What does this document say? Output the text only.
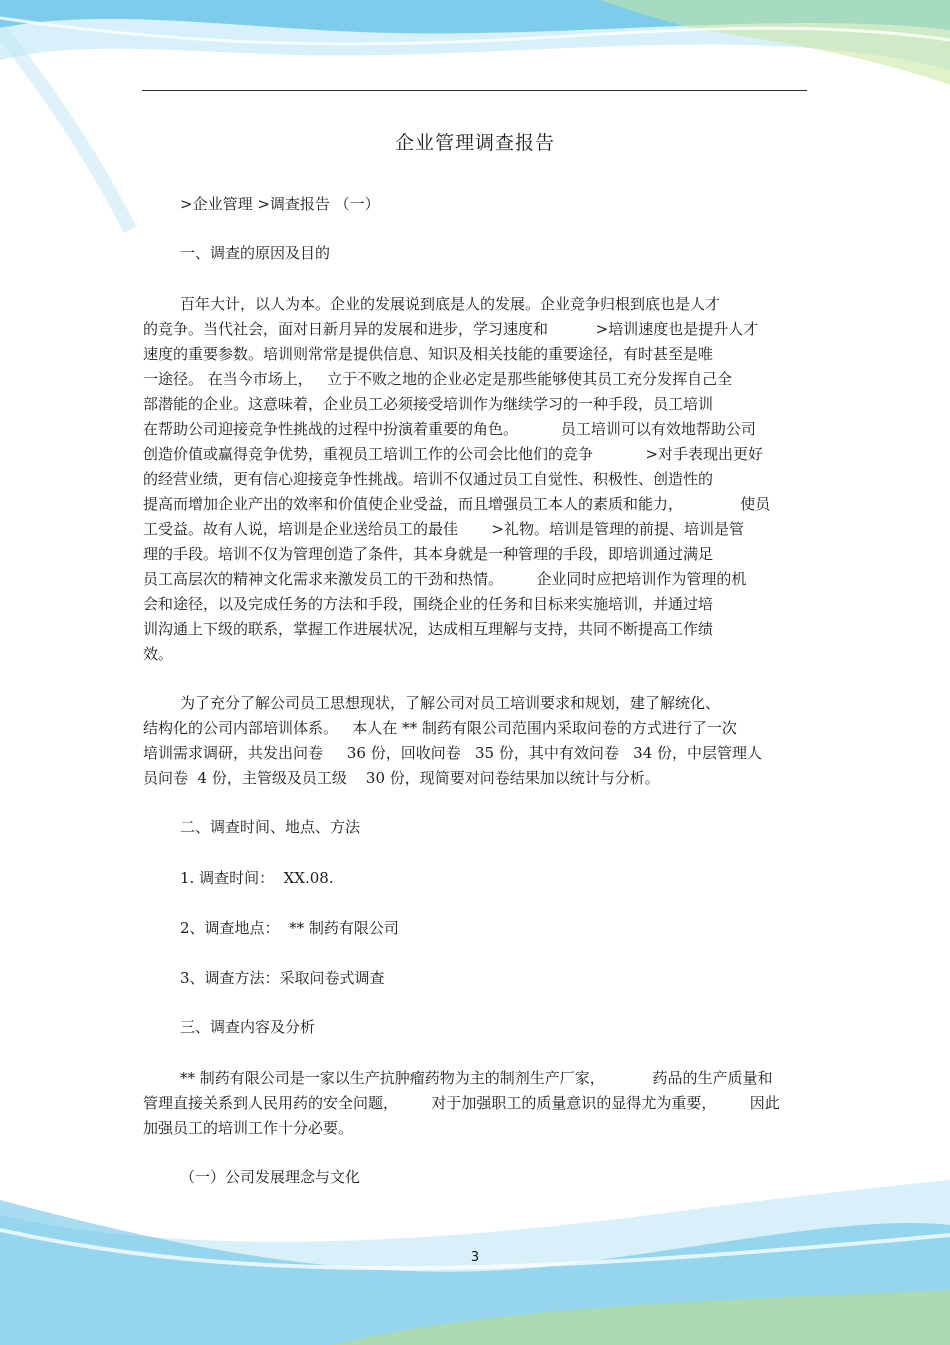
企业管理调查报告
>企业管理 >调查报告 （一）
一、调查的原因及目的
百年大计，以人为本。企业的发展说到底是人的发展。企业竞争归根到底也是人才
的竞争。当代社会，面对日新月异的发展和进步，学习速度和          >培训速度也是提升人才
速度的重要参数。培训则常常是提供信息、知识及相关技能的重要途径，有时甚至是唯
一途径。 在当今市场上，   立于不败之地的企业必定是那些能够使其员工充分发挥自己全
部潜能的企业。这意味着，企业员工必须接受培训作为继续学习的一种手段，员工培训
在帮助公司迎接竞争性挑战的过程中扮演着重要的角色。         员工培训可以有效地帮助公司
创造价值或赢得竞争优势，重视员工培训工作的公司会比他们的竞争           >对手表现出更好
的经营业绩，更有信心迎接竞争性挑战。培训不仅通过员工自觉性、积极性、创造性的
提高而增加企业产出的效率和价值使企业受益，而且增强员工本人的素质和能力，            使员
工受益。故有人说，培训是企业送给员工的最佳       >礼物。培训是管理的前提、培训是管
理的手段。培训不仅为管理创造了条件，其本身就是一种管理的手段，即培训通过满足
员工高层次的精神文化需求来激发员工的干劲和热情。       企业同时应把培训作为管理的机
会和途径，以及完成任务的方法和手段，围绕企业的任务和目标来实施培训，并通过培
训沟通上下级的联系，掌握工作进展状况，达成相互理解与支持，共同不断提高工作绩
效。
为了充分了解公司员工思想现状，了解公司对员工培训要求和规划，建了解统化、
结构化的公司内部培训体系。   本人在 ** 制药有限公司范围内采取问卷的方式进行了一次
培训需求调研，共发出问卷     36 份，回收问卷   35 份，其中有效问卷   34 份，中层管理人
员问卷  4 份，主管级及员工级    30 份，现简要对问卷结果加以统计与分析。
二、调查时间、地点、方法
1. 调查时间：  XX.08.
2、调查地点：  ** 制药有限公司
3、调查方法：采取问卷式调查
三、调查内容及分析
** 制药有限公司是一家以生产抗肿瘤药物为主的制剂生产厂家，          药品的生产质量和
管理直接关系到人民用药的安全问题，       对于加强职工的质量意识的显得尤为重要，       因此
加强员工的培训工作十分必要。
（一）公司发展理念与文化
3
